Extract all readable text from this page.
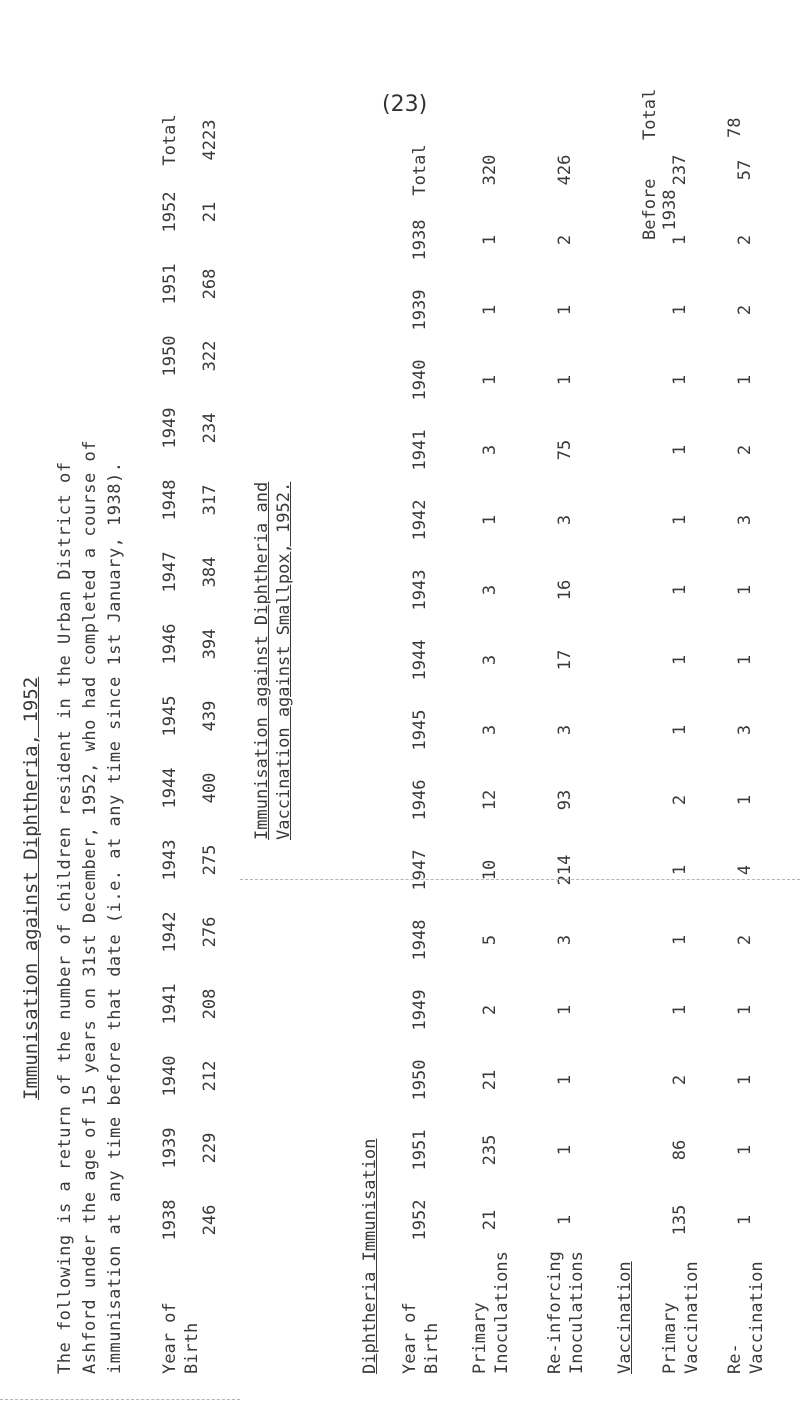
(23)
Immunisation against Diphtheria, 1952 The following is a return of the number of children resident in the Urban District of Ashford under the age of 15 years on 31st December, 1952, who had completed a course of immunisation at any time before that date (i.e. at any time since 1st January, 1938). Year of Birth
1938
1939
1940
1941
1942
1943
1944
1945
1946
1947
1948
1949
1950
1951
1952
Total
246
229
212
208
276
275
400
439
394
384
317
234
322
268
21
4223
Immunisation against Diphtheria and Vaccination against Smallpox, 1952.
Diphtheria Immunisation Year of Birth Primary Inoculations Re-inforcing Inoculations Vaccination Primary Vaccination Re- Vaccination
1952
1951
1950
1949
1948
1947
1946
1945
1944
1943
1942
1941
1940
1939
1938
Total
21
235
21
2
5
10
12
3
3
3
1
3
1
1
1
320
1
1
1
1
3
214
93
3
17
16
3
75
1
1
2
426
135
86
2
1
1
1
2
1
1
1
1
1
1
1
1
237
1
1
1
1
2
4
1
3
1
1
3
2
1
2
2
57
Before 1938
Total	78
